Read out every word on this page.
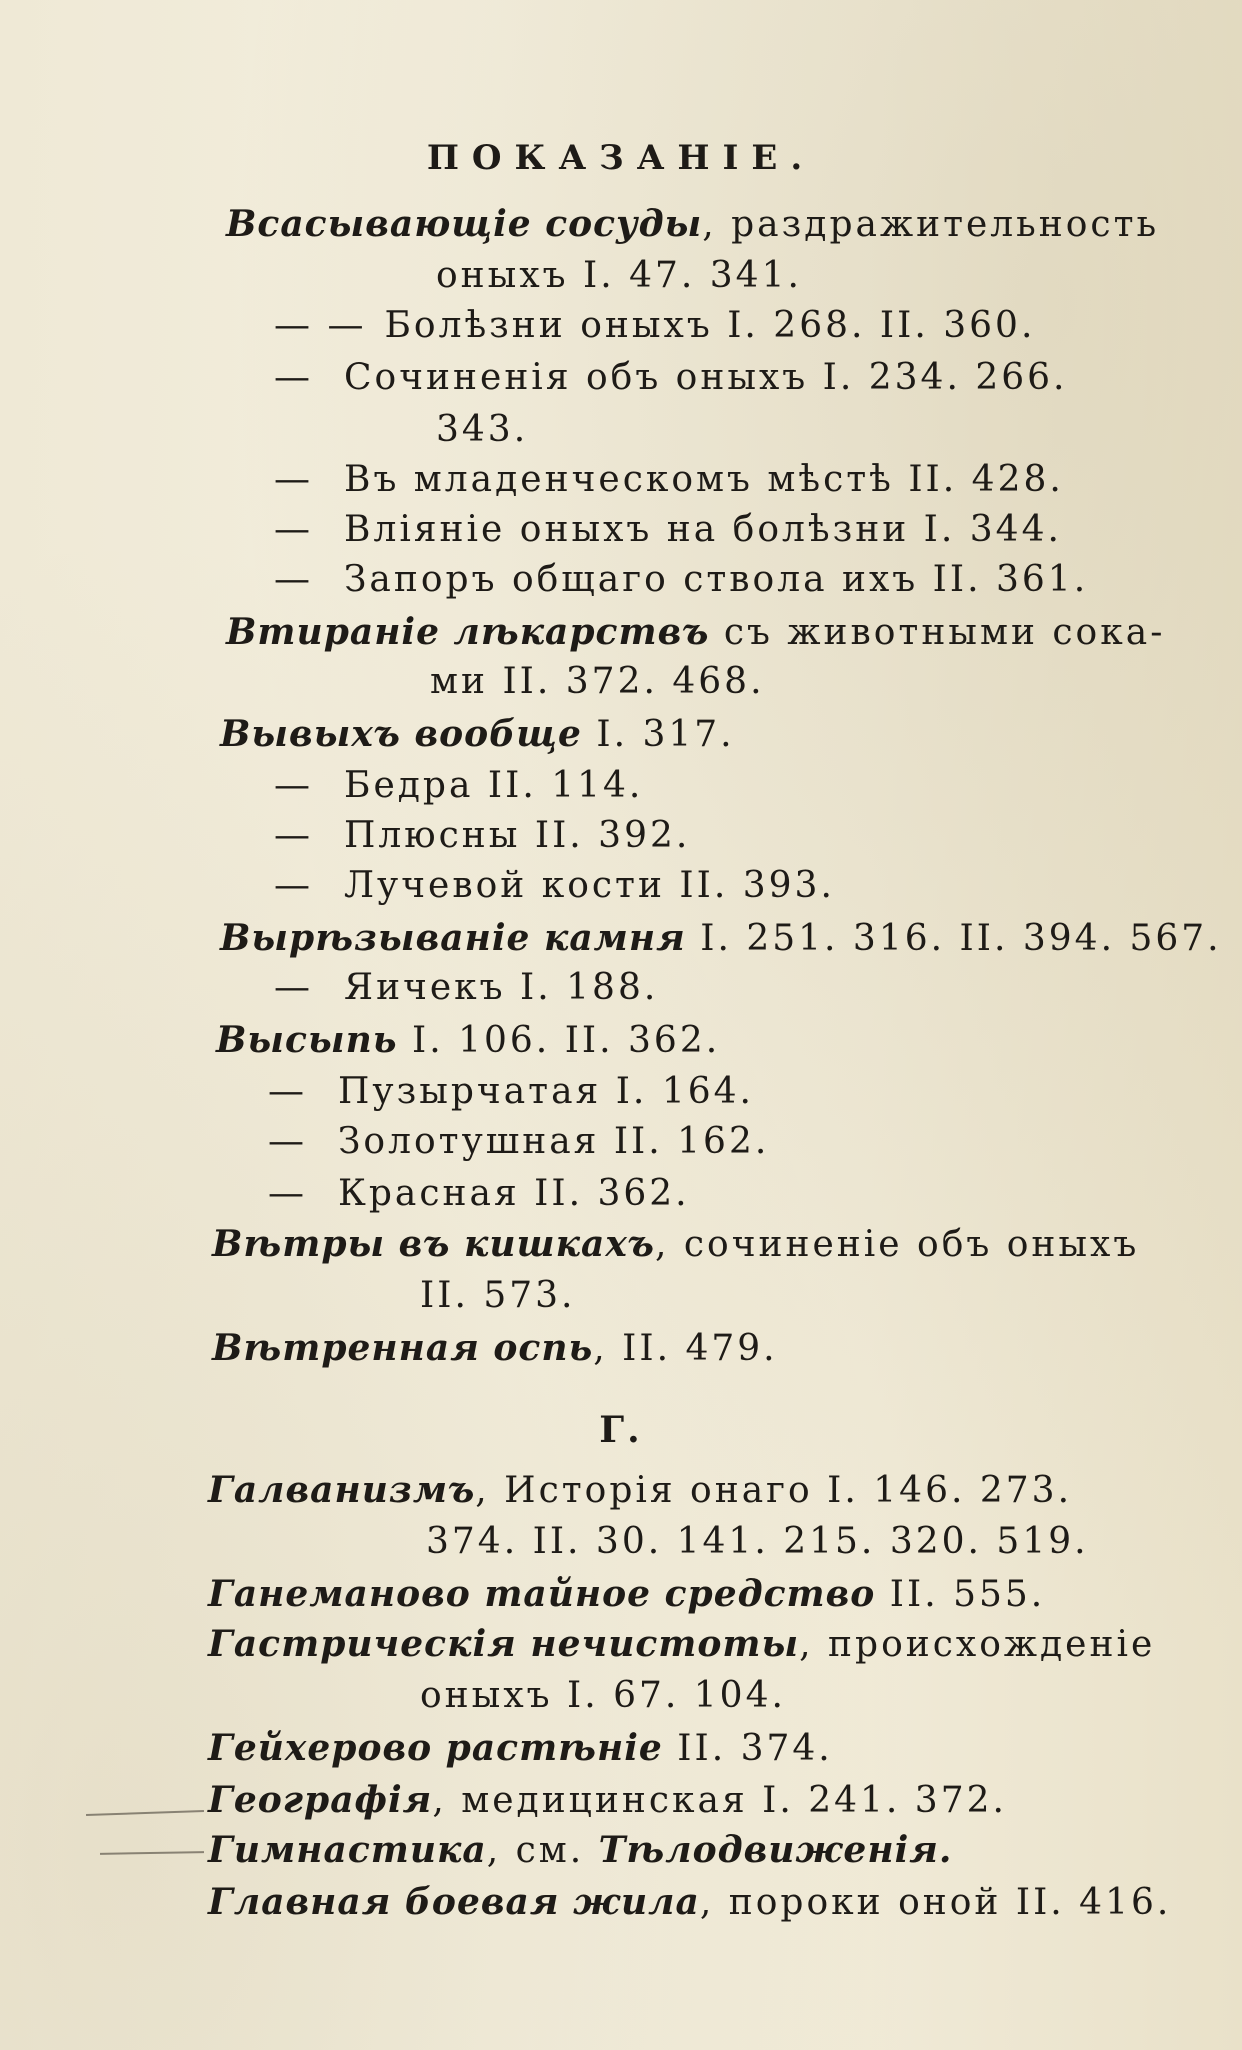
ПОКАЗАНІЕ.

Всасывающіе сосуды, раздражительность

оныхъ I. 47. 341.

— — Болѣзни оныхъ I. 268. II. 360.

— Сочиненія объ оныхъ I. 234. 266.

343.

— Въ младенческомъ мѣстѣ II. 428.

— Вліяніе оныхъ на болѣзни I. 344.

— Запоръ общаго ствола ихъ II. 361.

Втираніе лѣкарствъ съ животными сока-

ми II. 372. 468.

Вывыхъ вообще I. 317.

— Бедра II. 114.

— Плюсны II. 392.

— Лучевой кости II. 393.

Вырѣзываніе камня I. 251. 316. II. 394. 567.

— Яичекъ I. 188.

Высыпь I. 106. II. 362.

— Пузырчатая I. 164.

— Золотушная II. 162.

— Красная II. 362.

Вѣтры въ кишкахъ, сочиненіе объ оныхъ

II. 573.

Вѣтренная оспь, II. 479.

Г.

Галванизмъ, Исторія онаго I. 146. 273.

374. II. 30. 141. 215. 320. 519.

Ганеманово тайное средство II. 555.

Гастрическія нечистоты, происхожденіе

оныхъ I. 67. 104.

Гейхерово растѣніе II. 374.

Географія, медицинская I. 241. 372.

Гимнастика, см. Тѣлодвиженія.

Главная боевая жила, пороки оной II. 416.
